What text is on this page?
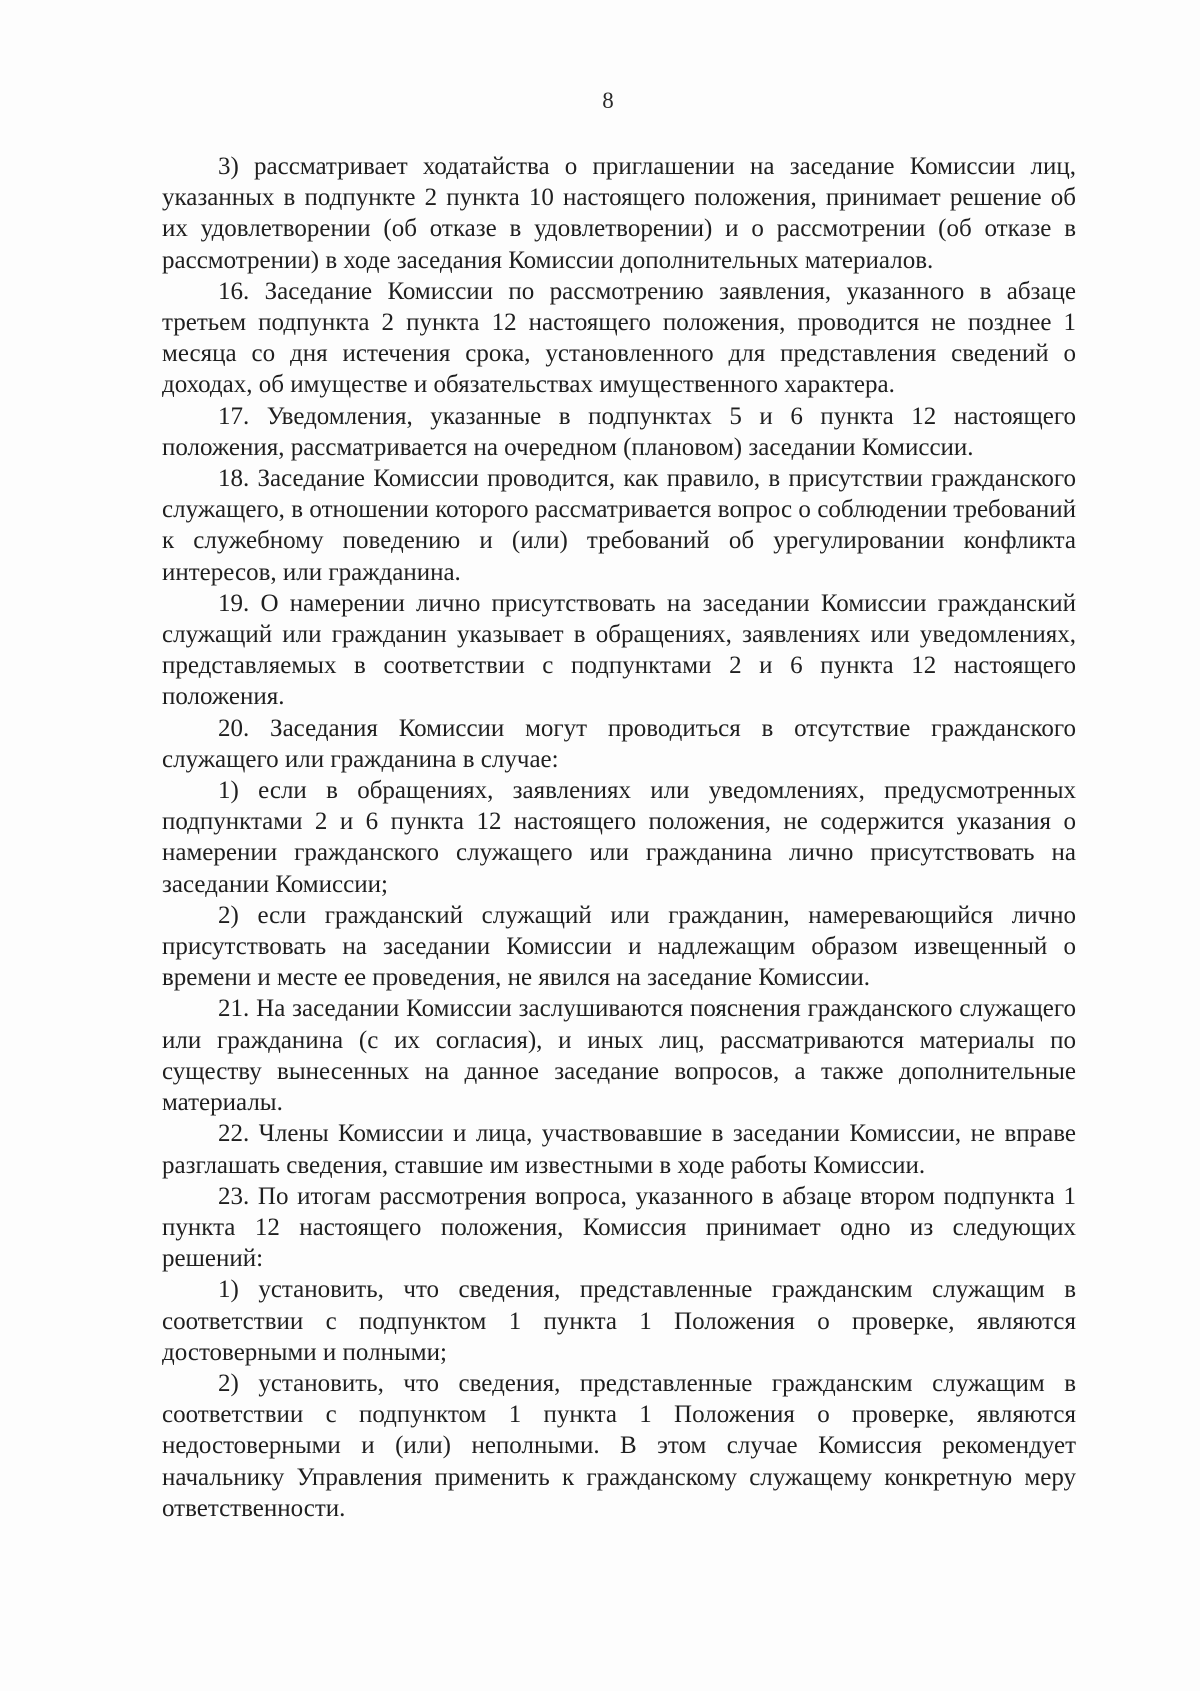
8

3) рассматривает ходатайства о приглашении на заседание Комиссии лиц, указанных в подпункте 2 пункта 10 настоящего положения, принимает решение об их удовлетворении (об отказе в удовлетворении) и о рассмотрении (об отказе в рассмотрении) в ходе заседания Комиссии дополнительных материалов.

16. Заседание Комиссии по рассмотрению заявления, указанного в абзаце третьем подпункта 2 пункта 12 настоящего положения, проводится не позднее 1 месяца со дня истечения срока, установленного для представления сведений о доходах, об имуществе и обязательствах имущественного характера.

17. Уведомления, указанные в подпунктах 5 и 6 пункта 12 настоящего положения, рассматривается на очередном (плановом) заседании Комиссии.

18. Заседание Комиссии проводится, как правило, в присутствии гражданского служащего, в отношении которого рассматривается вопрос о соблюдении требований к служебному поведению и (или) требований об урегулировании конфликта интересов, или гражданина.

19. О намерении лично присутствовать на заседании Комиссии гражданский служащий или гражданин указывает в обращениях, заявлениях или уведомлениях, представляемых в соответствии с подпунктами 2 и 6 пункта 12 настоящего положения.

20. Заседания Комиссии могут проводиться в отсутствие гражданского служащего или гражданина в случае:

1) если в обращениях, заявлениях или уведомлениях, предусмотренных подпунктами 2 и 6 пункта 12 настоящего положения, не содержится указания о намерении гражданского служащего или гражданина лично присутствовать на заседании Комиссии;

2) если гражданский служащий или гражданин, намеревающийся лично присутствовать на заседании Комиссии и надлежащим образом извещенный о времени и месте ее проведения, не явился на заседание Комиссии.

21. На заседании Комиссии заслушиваются пояснения гражданского служащего или гражданина (с их согласия), и иных лиц, рассматриваются материалы по существу вынесенных на данное заседание вопросов, а также дополнительные материалы.

22. Члены Комиссии и лица, участвовавшие в заседании Комиссии, не вправе разглашать сведения, ставшие им известными в ходе работы Комиссии.

23. По итогам рассмотрения вопроса, указанного в абзаце втором подпункта 1 пункта 12 настоящего положения, Комиссия принимает одно из следующих решений:

1) установить, что сведения, представленные гражданским служащим в соответствии с подпунктом 1 пункта 1 Положения о проверке, являются достоверными и полными;

2) установить, что сведения, представленные гражданским служащим в соответствии с подпунктом 1 пункта 1 Положения о проверке, являются недостоверными и (или) неполными. В этом случае Комиссия рекомендует начальнику Управления применить к гражданскому служащему конкретную меру ответственности.
